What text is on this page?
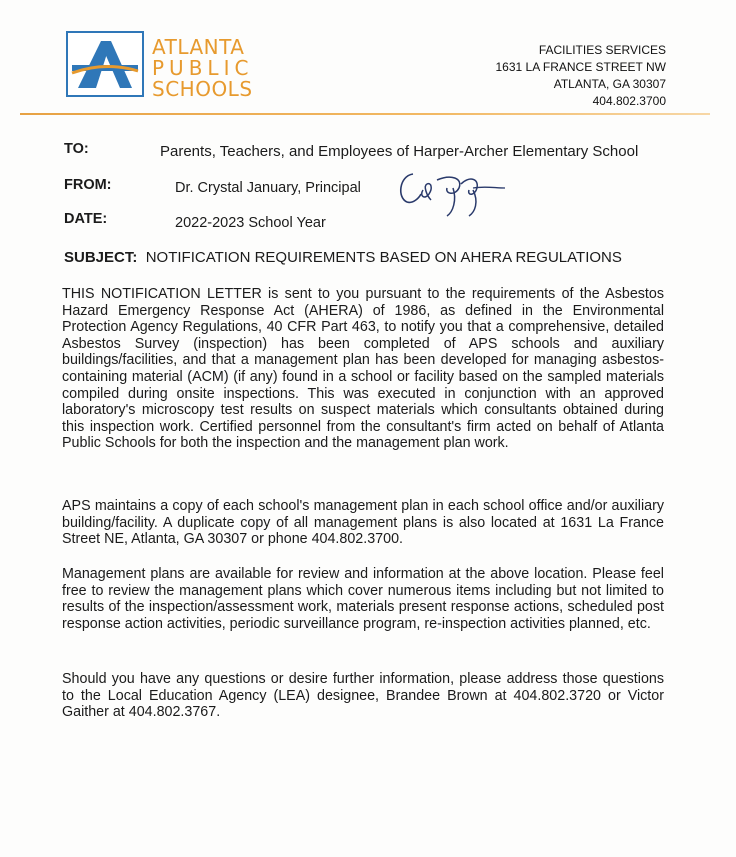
ATLANTA
PUBLIC
SCHOOLS
FACILITIES SERVICES
1631 LA FRANCE STREET NW
ATLANTA, GA 30307
404.802.3700
TO:	Parents, Teachers, and Employees of Harper-Archer Elementary School
FROM:	Dr. Crystal January, Principal
DATE:	2022-2023 School Year
SUBJECT: NOTIFICATION REQUIREMENTS BASED ON AHERA REGULATIONS
THIS NOTIFICATION LETTER is sent to you pursuant to the requirements of the Asbestos Hazard Emergency Response Act (AHERA) of 1986, as defined in the Environmental Protection Agency Regulations, 40 CFR Part 463, to notify you that a comprehensive, detailed Asbestos Survey (inspection) has been completed of APS schools and auxiliary buildings/facilities, and that a management plan has been developed for managing asbestos-containing material (ACM) (if any) found in a school or facility based on the sampled materials compiled during onsite inspections. This was executed in conjunction with an approved laboratory's microscopy test results on suspect materials which consultants obtained during this inspection work. Certified personnel from the consultant's firm acted on behalf of Atlanta Public Schools for both the inspection and the management plan work.
APS maintains a copy of each school's management plan in each school office and/or auxiliary building/facility. A duplicate copy of all management plans is also located at 1631 La France Street NE, Atlanta, GA 30307 or phone 404.802.3700.
Management plans are available for review and information at the above location. Please feel free to review the management plans which cover numerous items including but not limited to results of the inspection/assessment work, materials present response actions, scheduled post response action activities, periodic surveillance program, re-inspection activities planned, etc.
Should you have any questions or desire further information, please address those questions to the Local Education Agency (LEA) designee, Brandee Brown at 404.802.3720 or Victor Gaither at 404.802.3767.
